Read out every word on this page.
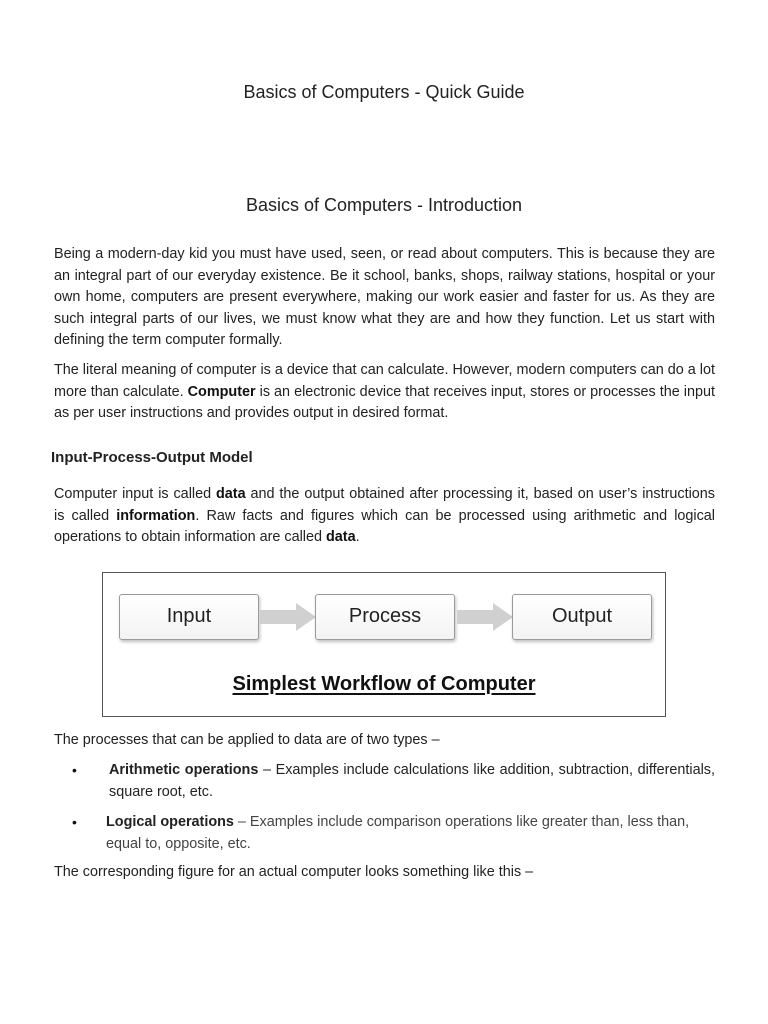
Basics of Computers - Quick Guide
Basics of Computers - Introduction

Being a modern-day kid you must have used, seen, or read about computers. This is because they are an integral part of our everyday existence. Be it school, banks, shops, railway stations, hospital or your own home, computers are present everywhere, making our work easier and faster for us. As they are such integral parts of our lives, we must know what they are and how they function. Let us start with defining the term computer formally.

The literal meaning of computer is a device that can calculate. However, modern computers can do a lot more than calculate. Computer is an electronic device that receives input, stores or processes the input as per user instructions and provides output in desired format.

Input-Process-Output Model

Computer input is called data and the output obtained after processing it, based on user’s instructions is called information. Raw facts and figures which can be processed using arithmetic and logical operations to obtain information are called data.

Input	Process	Output
Simplest Workflow of Computer

The processes that can be applied to data are of two types –

• Arithmetic operations – Examples include calculations like addition, subtraction, differentials, square root, etc.

• Logical operations – Examples include comparison operations like greater than, less than, equal to, opposite, etc.

The corresponding figure for an actual computer looks something like this –
